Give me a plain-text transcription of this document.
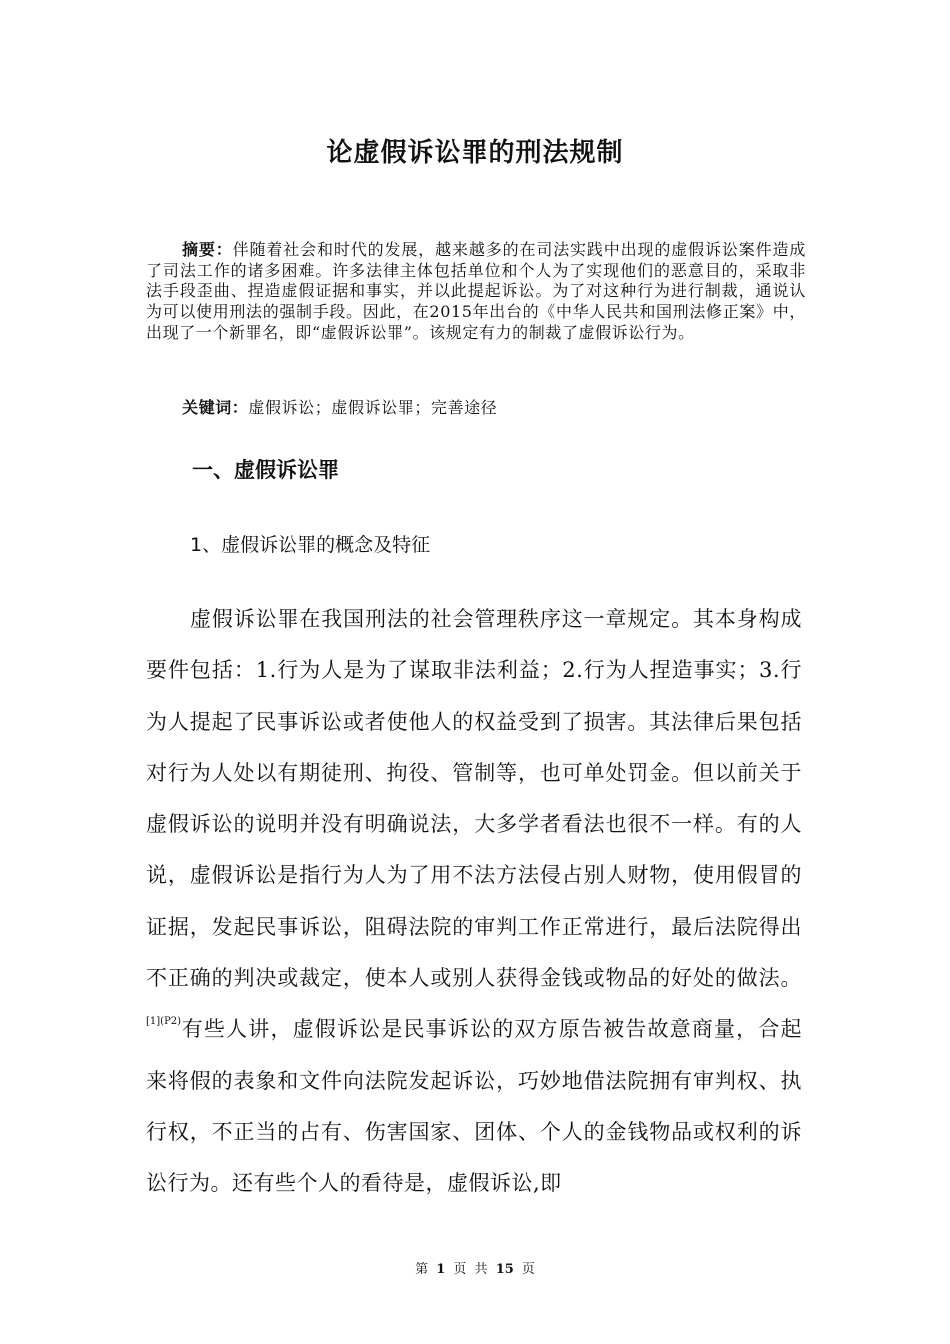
论虚假诉讼罪的刑法规制
摘要：伴随着社会和时代的发展，越来越多的在司法实践中出现的虚假诉讼案件造成了司法工作的诸多困难。许多法律主体包括单位和个人为了实现他们的恶意目的，采取非法手段歪曲、捏造虚假证据和事实，并以此提起诉讼。为了对这种行为进行制裁，通说认为可以使用刑法的强制手段。因此，在2015年出台的《中华人民共和国刑法修正案》中，出现了一个新罪名，即“虚假诉讼罪”。该规定有力的制裁了虚假诉讼行为。
关键词：虚假诉讼；虚假诉讼罪；完善途径
一、虚假诉讼罪
1、虚假诉讼罪的概念及特征
虚假诉讼罪在我国刑法的社会管理秩序这一章规定。其本身构成要件包括：1.行为人是为了谋取非法利益；2.行为人捏造事实；3.行为人提起了民事诉讼或者使他人的权益受到了损害。其法律后果包括对行为人处以有期徒刑、拘役、管制等，也可单处罚金。但以前关于虚假诉讼的说明并没有明确说法，大多学者看法也很不一样。有的人说，虚假诉讼是指行为人为了用不法方法侵占别人财物，使用假冒的证据，发起民事诉讼，阻碍法院的审判工作正常进行，最后法院得出不正确的判决或裁定，使本人或别人获得金钱或物品的好处的做法。$^{[1](P2)}$有些人讲，虚假诉讼是民事诉讼的双方原告被告故意商量，合起来将假的表象和文件向法院发起诉讼，巧妙地借法院拥有审判权、执行权，不正当的占有、伤害国家、团体、个人的金钱物品或权利的诉讼行为。还有些个人的看待是，虚假诉讼,即
第 1 页 共 15 页
